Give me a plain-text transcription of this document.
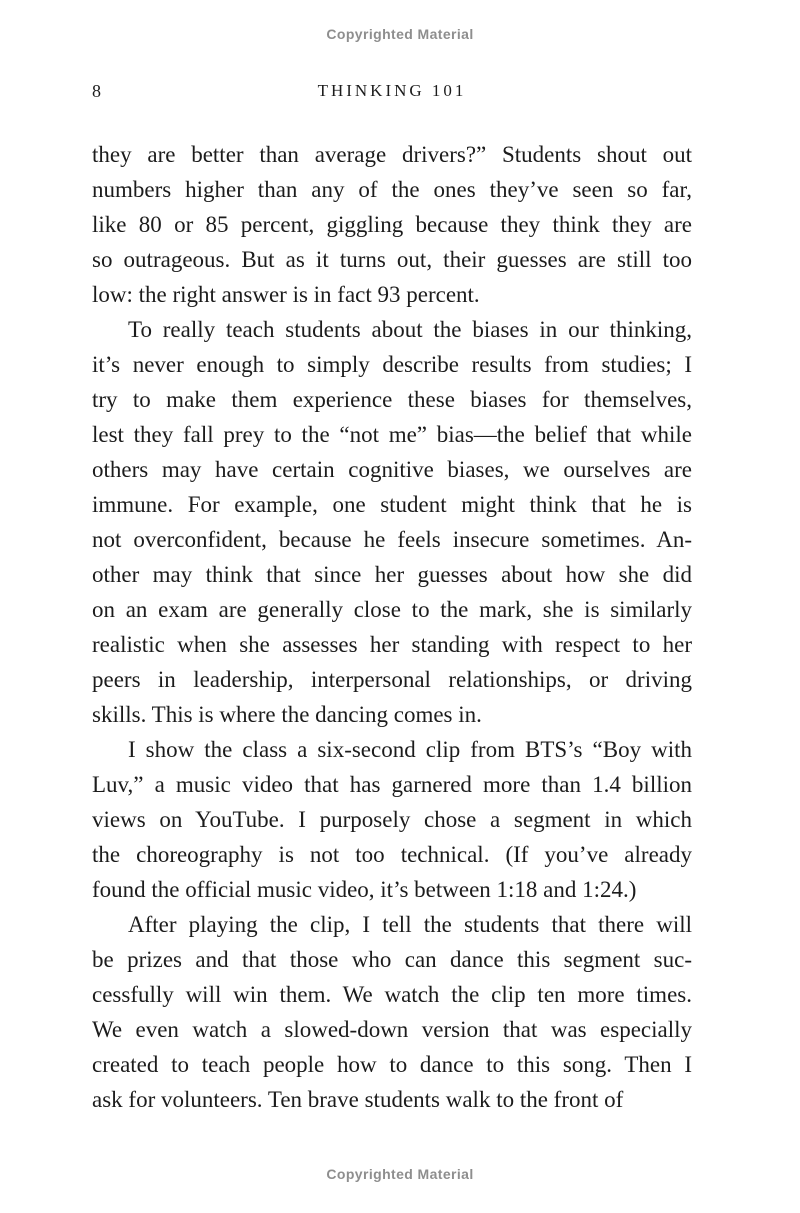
Copyrighted Material
8	THINKING 101
they are better than average drivers?” Students shout out
numbers higher than any of the ones they’ve seen so far,
like 80 or 85 percent, giggling because they think they are
so outrageous. But as it turns out, their guesses are still too
low: the right answer is in fact 93 percent.
To really teach students about the biases in our thinking,
it’s never enough to simply describe results from studies; I
try to make them experience these biases for themselves,
lest they fall prey to the “not me” bias—the belief that while
others may have certain cognitive biases, we ourselves are
immune. For example, one student might think that he is
not overconfident, because he feels insecure sometimes. An-
other may think that since her guesses about how she did
on an exam are generally close to the mark, she is similarly
realistic when she assesses her standing with respect to her
peers in leadership, interpersonal relationships, or driving
skills. This is where the dancing comes in.
I show the class a six-second clip from BTS’s “Boy with
Luv,” a music video that has garnered more than 1.4 billion
views on YouTube. I purposely chose a segment in which
the choreography is not too technical. (If you’ve already
found the official music video, it’s between 1:18 and 1:24.)
After playing the clip, I tell the students that there will
be prizes and that those who can dance this segment suc-
cessfully will win them. We watch the clip ten more times.
We even watch a slowed-down version that was especially
created to teach people how to dance to this song. Then I
ask for volunteers. Ten brave students walk to the front of
Copyrighted Material
